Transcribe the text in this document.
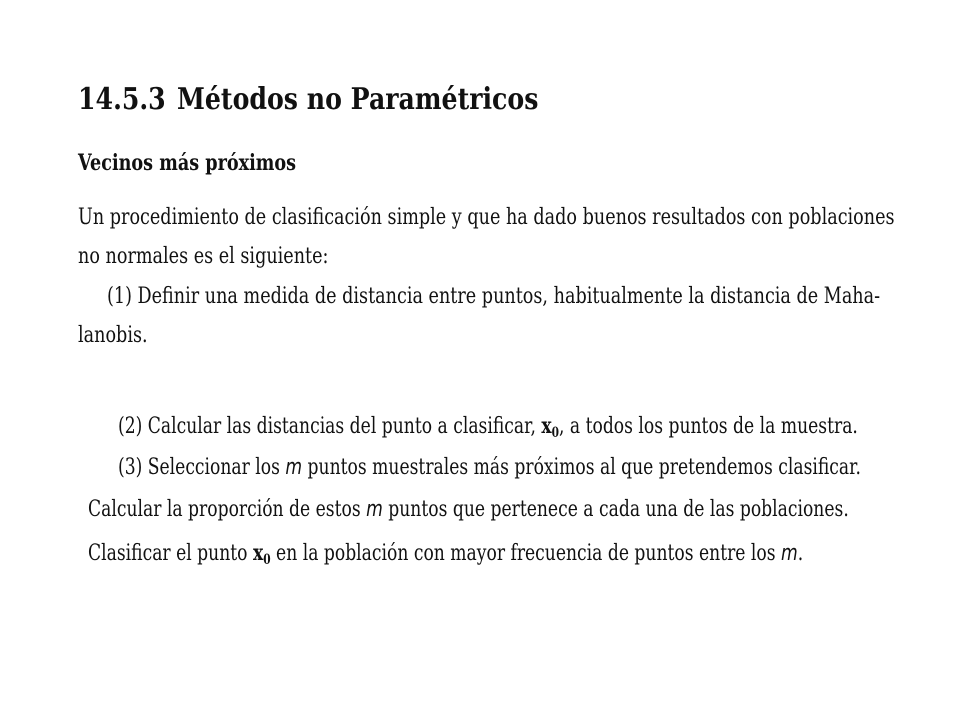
14.5.3 Métodos no Paramétricos
Vecinos más próximos
Un procedimiento de clasificación simple y que ha dado buenos resultados con poblaciones
no normales es el siguiente:
(1) Definir una medida de distancia entre puntos, habitualmente la distancia de Maha-
lanobis.
(2) Calcular las distancias del punto a clasificar, $x_0$, a todos los puntos de la muestra.
(3) Seleccionar los m puntos muestrales más próximos al que pretendemos clasificar.
Calcular la proporción de estos m puntos que pertenece a cada una de las poblaciones.
Clasificar el punto $x_0$ en la población con mayor frecuencia de puntos entre los m.
